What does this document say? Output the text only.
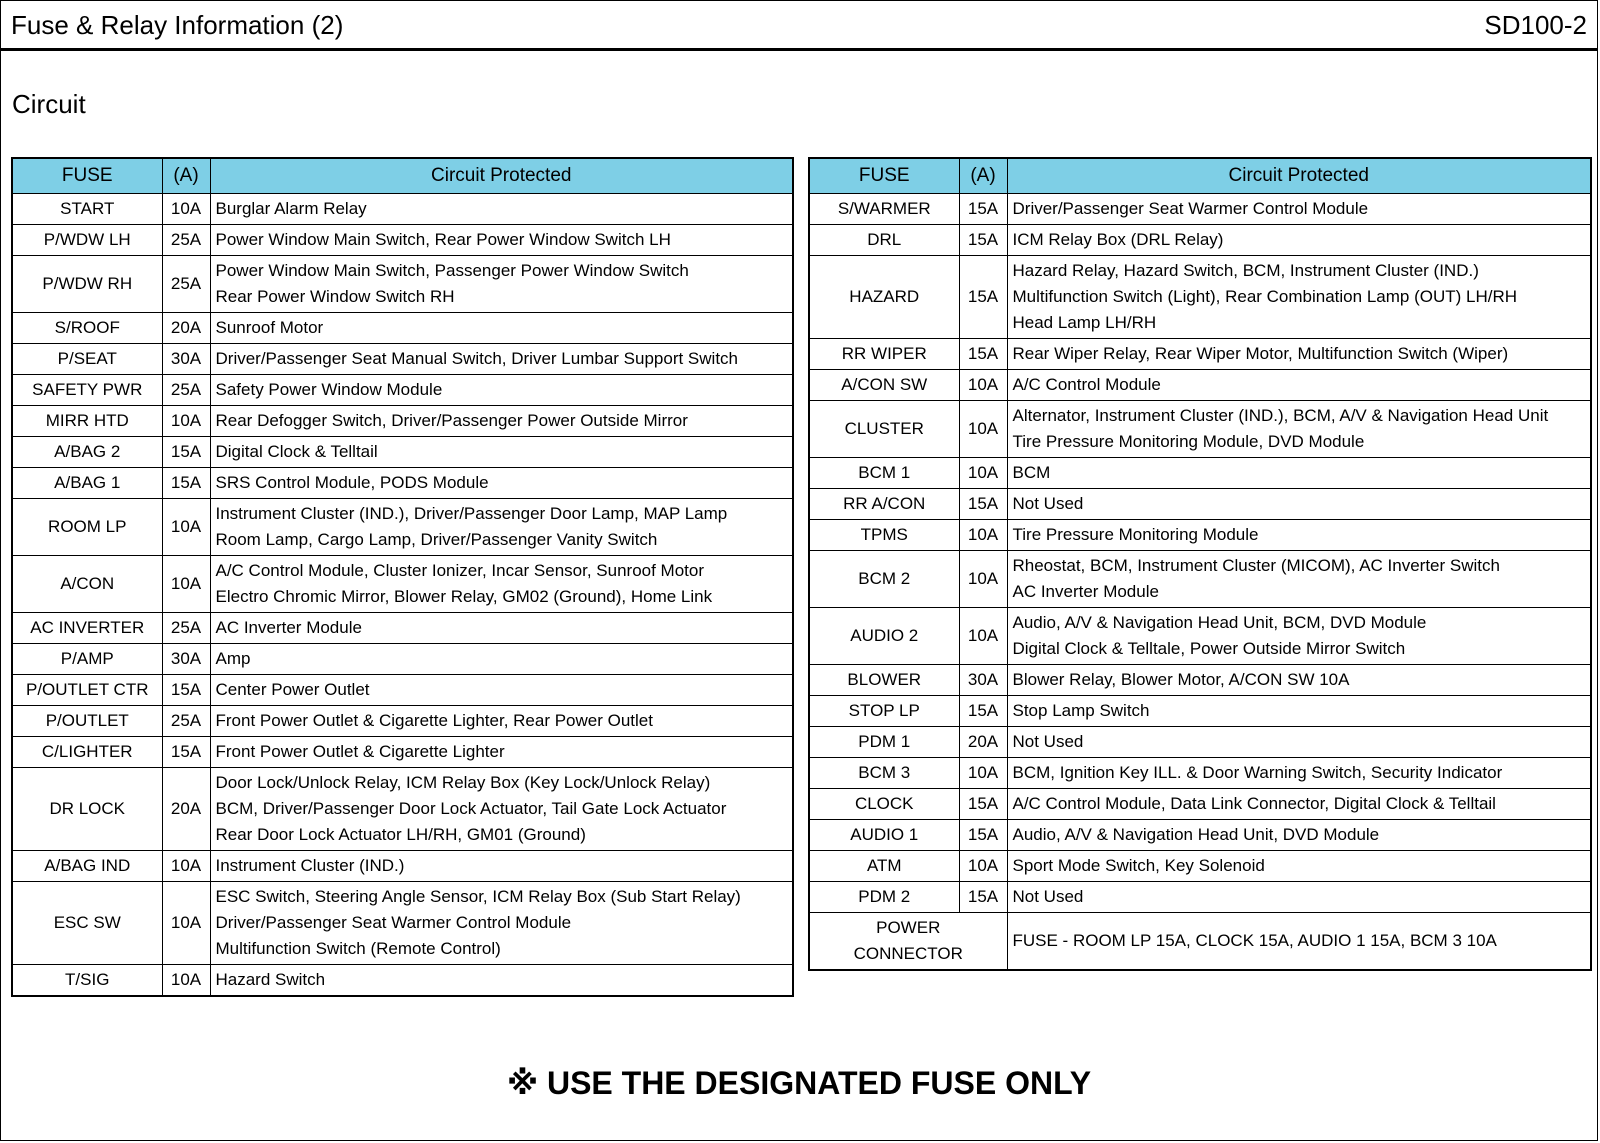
Fuse & Relay Information (2)	SD100-2
Circuit
FUSE	(A)	Circuit Protected

START	10A	Burglar Alarm Relay

P/WDW LH	25A	Power Window Main Switch, Rear Power Window Switch LH

P/WDW RH	25A	Power Window Main Switch, Passenger Power Window Switch
Rear Power Window Switch RH

S/ROOF	20A	Sunroof Motor

P/SEAT	30A	Driver/Passenger Seat Manual Switch, Driver Lumbar Support Switch

SAFETY PWR	25A	Safety Power Window Module

MIRR HTD	10A	Rear Defogger Switch, Driver/Passenger Power Outside Mirror

A/BAG 2	15A	Digital Clock & Telltail

A/BAG 1	15A	SRS Control Module, PODS Module

ROOM LP	10A	Instrument Cluster (IND.), Driver/Passenger Door Lamp, MAP Lamp
Room Lamp, Cargo Lamp, Driver/Passenger Vanity Switch

A/CON	10A	A/C Control Module, Cluster Ionizer, Incar Sensor, Sunroof Motor
Electro Chromic Mirror, Blower Relay, GM02 (Ground), Home Link

AC INVERTER	25A	AC Inverter Module

P/AMP	30A	Amp

P/OUTLET CTR	15A	Center Power Outlet

P/OUTLET	25A	Front Power Outlet & Cigarette Lighter, Rear Power Outlet

C/LIGHTER	15A	Front Power Outlet & Cigarette Lighter

DR LOCK	20A	Door Lock/Unlock Relay, ICM Relay Box (Key Lock/Unlock Relay)
BCM, Driver/Passenger Door Lock Actuator, Tail Gate Lock Actuator
Rear Door Lock Actuator LH/RH, GM01 (Ground)

A/BAG IND	10A	Instrument Cluster (IND.)

ESC SW	10A	ESC Switch, Steering Angle Sensor, ICM Relay Box (Sub Start Relay)
Driver/Passenger Seat Warmer Control Module
Multifunction Switch (Remote Control)

T/SIG	10A	Hazard Switch
FUSE	(A)	Circuit Protected

S/WARMER	15A	Driver/Passenger Seat Warmer Control Module

DRL	15A	ICM Relay Box (DRL Relay)

HAZARD	15A	Hazard Relay, Hazard Switch, BCM, Instrument Cluster (IND.)
Multifunction Switch (Light), Rear Combination Lamp (OUT) LH/RH
Head Lamp LH/RH

RR WIPER	15A	Rear Wiper Relay, Rear Wiper Motor, Multifunction Switch (Wiper)

A/CON SW	10A	A/C Control Module

CLUSTER	10A	Alternator, Instrument Cluster (IND.), BCM, A/V & Navigation Head Unit
Tire Pressure Monitoring Module, DVD Module

BCM 1	10A	BCM

RR A/CON	15A	Not Used

TPMS	10A	Tire Pressure Monitoring Module

BCM 2	10A	Rheostat, BCM, Instrument Cluster (MICOM), AC Inverter Switch
AC Inverter Module

AUDIO 2	10A	Audio, A/V & Navigation Head Unit, BCM, DVD Module
Digital Clock & Telltale, Power Outside Mirror Switch

BLOWER	30A	Blower Relay, Blower Motor, A/CON SW 10A

STOP LP	15A	Stop Lamp Switch

PDM 1	20A	Not Used

BCM 3	10A	BCM, Ignition Key ILL. & Door Warning Switch, Security Indicator

CLOCK	15A	A/C Control Module, Data Link Connector, Digital Clock & Telltail

AUDIO 1	15A	Audio, A/V & Navigation Head Unit, DVD Module

ATM	10A	Sport Mode Switch, Key Solenoid

PDM 2	15A	Not Used

POWER
CONNECTOR		FUSE - ROOM LP 15A, CLOCK 15A, AUDIO 1 15A, BCM 3 10A
※ USE THE DESIGNATED FUSE ONLY
